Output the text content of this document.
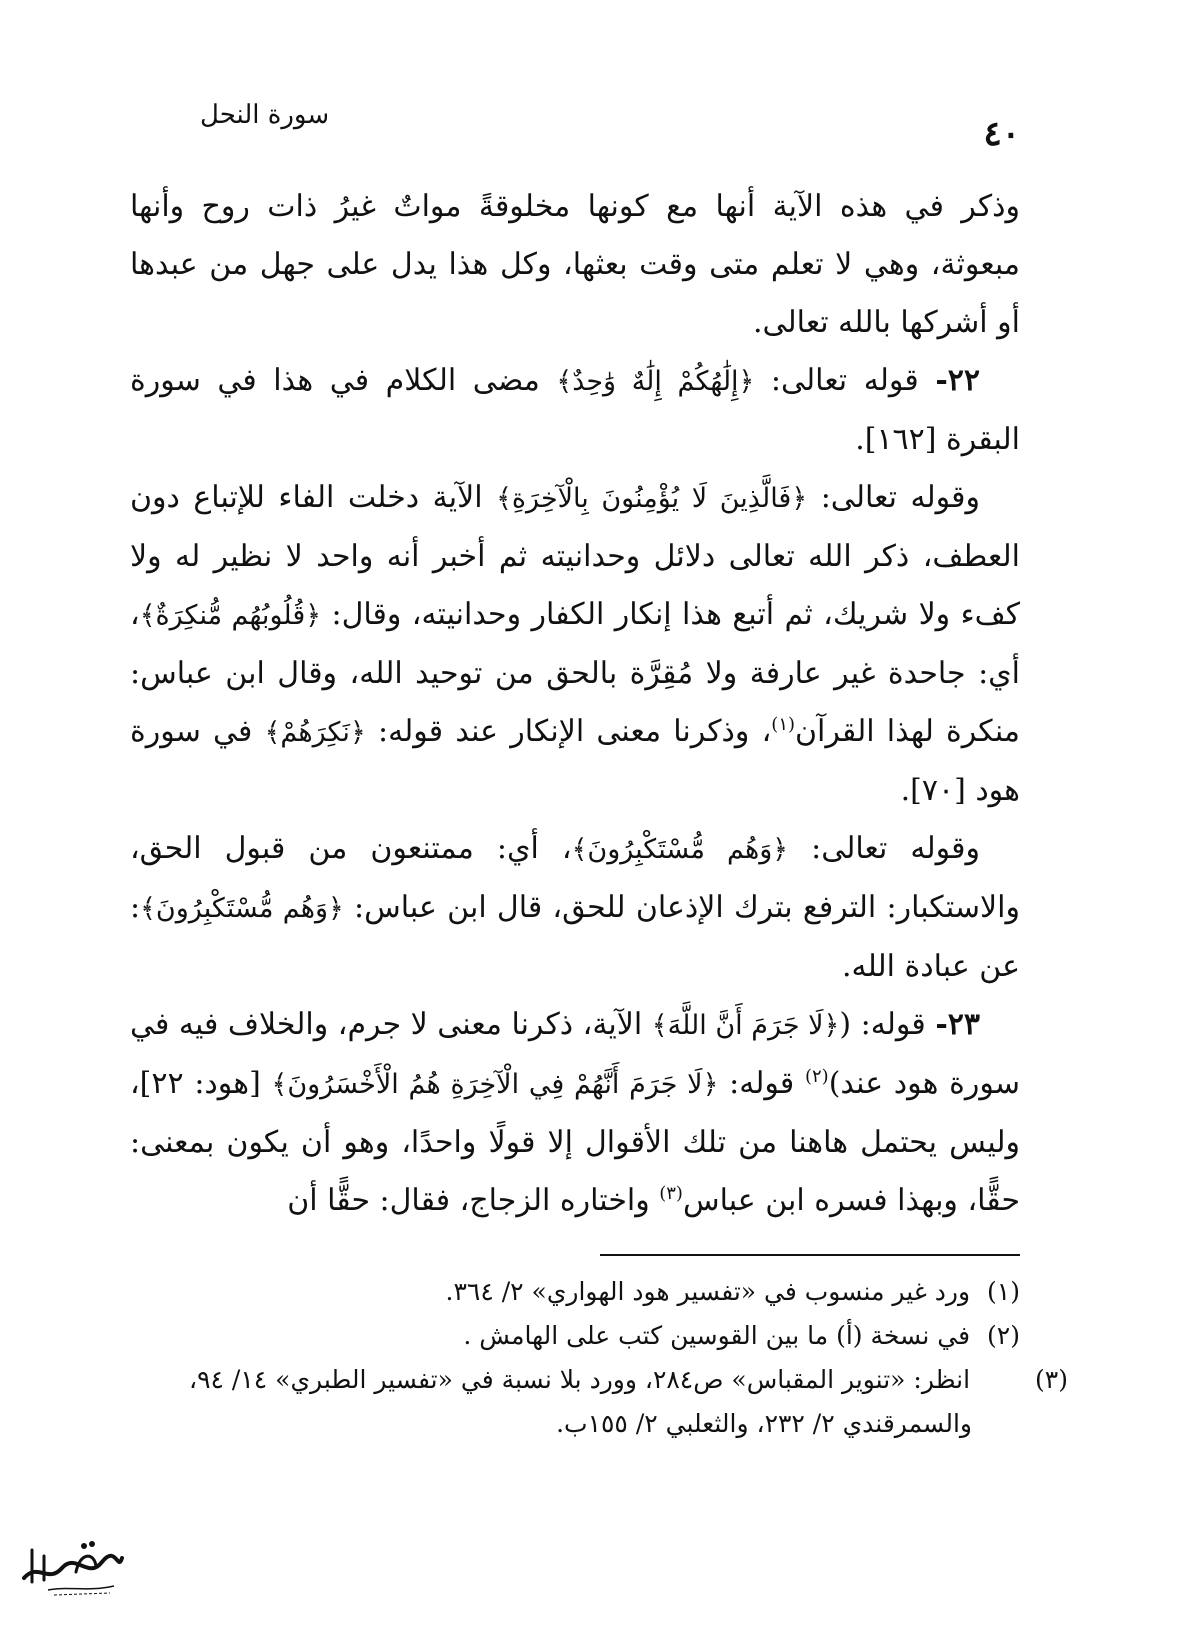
٤٠
سورة النحل

وذكر في هذه الآية أنها مع كونها مخلوقةً مواتٌ غيرُ ذات روح وأنها مبعوثة، وهي لا تعلم متى وقت بعثها، وكل هذا يدل على جهل من عبدها أو أشركها بالله تعالى.

٢٢- قوله تعالى: ﴿إِلَٰهُكُمْ إِلَٰهٌ وَٰحِدٌ﴾ مضى الكلام في هذا في سورة البقرة [١٦٢].

وقوله تعالى: ﴿فَالَّذِينَ لَا يُؤْمِنُونَ بِالْآخِرَةِ﴾ الآية دخلت الفاء للإتباع دون العطف، ذكر الله تعالى دلائل وحدانيته ثم أخبر أنه واحد لا نظير له ولا كفء ولا شريك، ثم أتبع هذا إنكار الكفار وحدانيته، وقال: ﴿قُلُوبُهُم مُّنكِرَةٌ﴾، أي: جاحدة غير عارفة ولا مُقِرَّة بالحق من توحيد الله، وقال ابن عباس: منكرة لهذا القرآن$^{(١)}$، وذكرنا معنى الإنكار عند قوله: ﴿نَكِرَهُمْ﴾ في سورة هود [٧٠].

وقوله تعالى: ﴿وَهُم مُّسْتَكْبِرُونَ﴾، أي: ممتنعون من قبول الحق، والاستكبار: الترفع بترك الإذعان للحق، قال ابن عباس: ﴿وَهُم مُّسْتَكْبِرُونَ﴾: عن عبادة الله.

٢٣- قوله: (﴿لَا جَرَمَ أَنَّ اللَّهَ﴾ الآية، ذكرنا معنى لا جرم، والخلاف فيه في سورة هود عند)$^{(٢)}$ قوله: ﴿لَا جَرَمَ أَنَّهُمْ فِي الْآخِرَةِ هُمُ الْأَخْسَرُونَ﴾ [هود: ٢٢]، وليس يحتمل هاهنا من تلك الأقوال إلا قولًا واحدًا، وهو أن يكون بمعنى: حقًّا، وبهذا فسره ابن عباس$^{(٣)}$ واختاره الزجاج، فقال: حقًّا أن

(١) ورد غير منسوب في «تفسير هود الهواري» ٢/ ٣٦٤.

(٢) في نسخة (أ) ما بين القوسين كتب على الهامش .

(٣) انظر: «تنوير المقباس» ص٢٨٤، وورد بلا نسبة في «تفسير الطبري» ١٤/ ٩٤، والسمرقندي ٢/ ٢٣٢، والثعلبي ٢/ ١٥٥ب.
